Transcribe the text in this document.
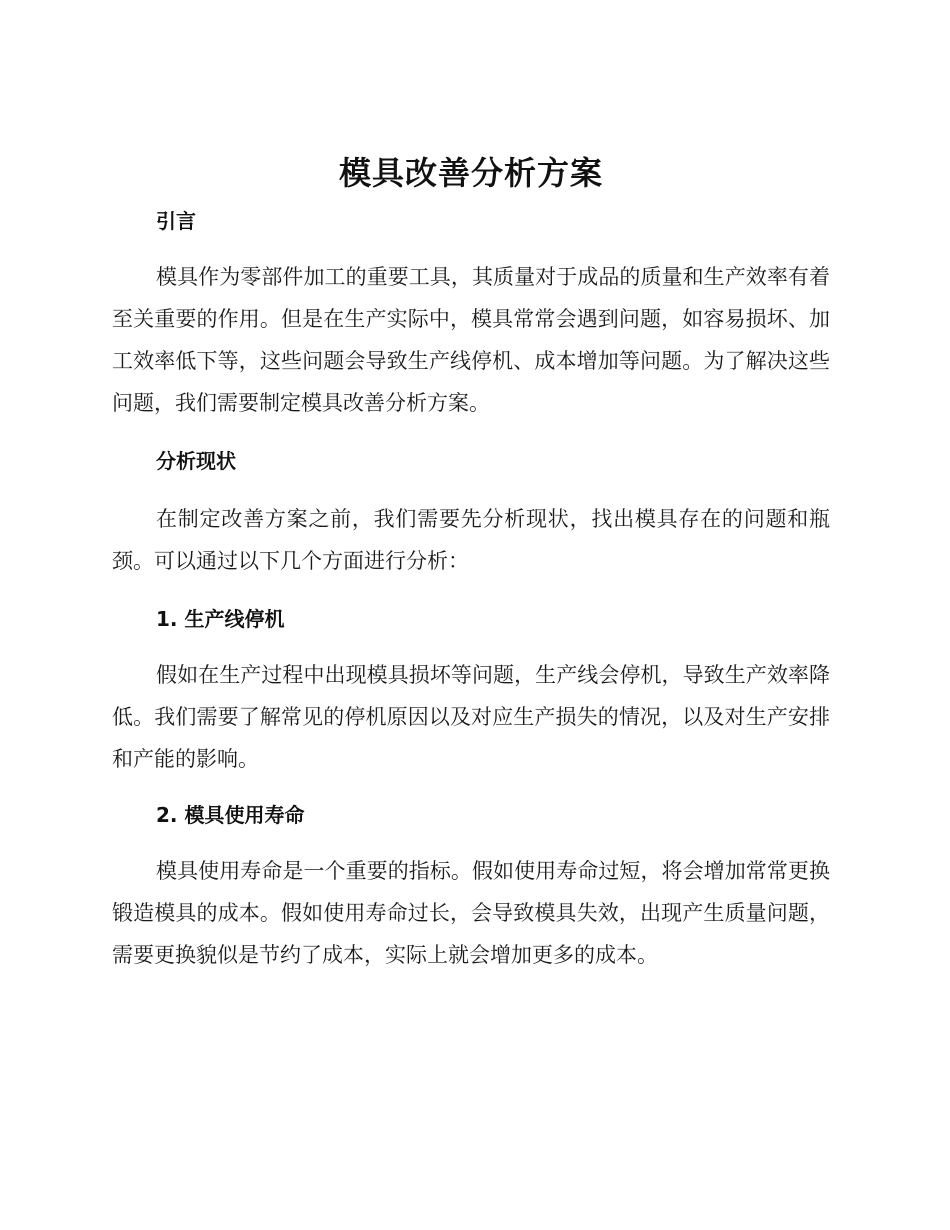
模具改善分析方案
引言

模具作为零部件加工的重要工具，其质量对于成品的质量和生产效率有着至关重要的作用。但是在生产实际中，模具常常会遇到问题，如容易损坏、加工效率低下等，这些问题会导致生产线停机、成本增加等问题。为了解决这些问题，我们需要制定模具改善分析方案。

分析现状

在制定改善方案之前，我们需要先分析现状，找出模具存在的问题和瓶颈。可以通过以下几个方面进行分析：

1. 生产线停机

假如在生产过程中出现模具损坏等问题，生产线会停机，导致生产效率降低。我们需要了解常见的停机原因以及对应生产损失的情况，以及对生产安排和产能的影响。

2. 模具使用寿命

模具使用寿命是一个重要的指标。假如使用寿命过短，将会增加常常更换锻造模具的成本。假如使用寿命过长，会导致模具失效，出现产生质量问题，需要更换貌似是节约了成本，实际上就会增加更多的成本。
